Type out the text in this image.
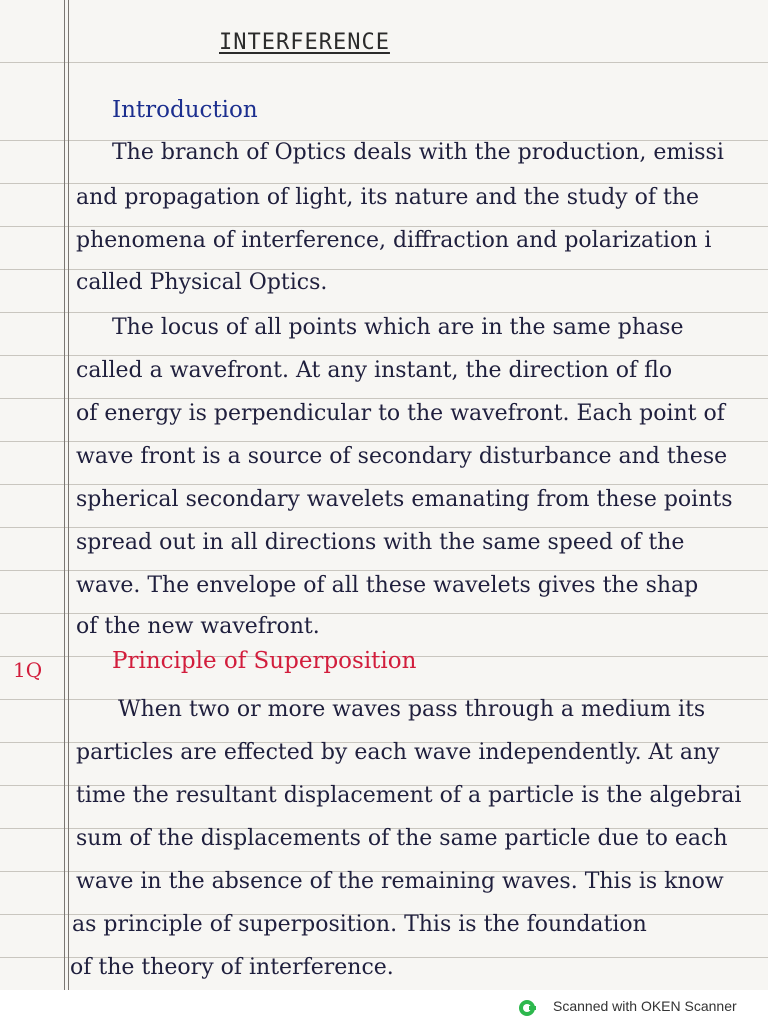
INTERFERENCE
Introduction
The branch of Optics deals with the production, emissi
and propagation of light, its nature and the study of the
phenomena of interference, diffraction and polarization i
called Physical Optics.
The locus of all points which are in the same phase
called a wavefront. At any instant, the direction of flo
of energy is perpendicular to the wavefront. Each point of
wave front is a source of secondary disturbance and these
spherical secondary wavelets emanating from these points
spread out in all directions with the same speed of the
wave. The envelope of all these wavelets gives the shap
of the new wavefront.
1Q	Principle of Superposition
When two or more waves pass through a medium its
particles are effected by each wave independently. At any
time the resultant displacement of a particle is the algebrai
sum of the displacements of the same particle due to each
wave in the absence of the remaining waves. This is know
as principle of superposition. This is the foundation
of the theory of interference.
Scanned with OKEN Scanner
